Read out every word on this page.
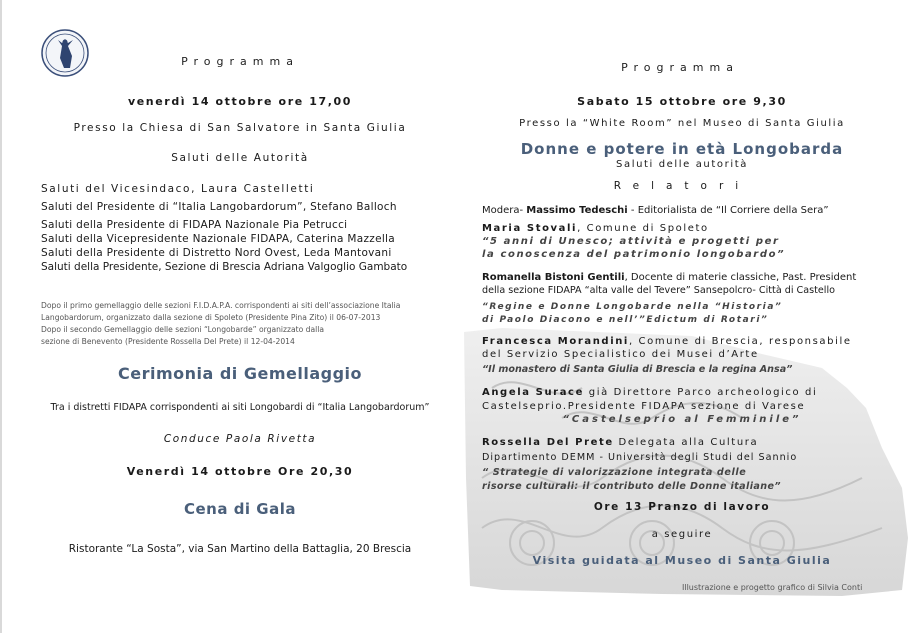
Programma
venerdì 14 ottobre ore 17,00
Presso la Chiesa di San Salvatore in Santa Giulia
Saluti delle Autorità
Saluti del Vicesindaco, Laura Castelletti
Saluti del Presidente di “Italia Langobardorum”, Stefano Balloch
Saluti della Presidente di FIDAPA Nazionale Pia Petrucci
Saluti della Vicepresidente Nazionale FIDAPA, Caterina Mazzella
Saluti della Presidente di Distretto Nord Ovest, Leda Mantovani
Saluti della Presidente, Sezione di Brescia Adriana Valgoglio Gambato
Dopo il primo gemellaggio delle sezioni F.I.D.A.P.A. corrispondenti ai siti dell’associazione Italia
Langobardorum, organizzato dalla sezione di Spoleto (Presidente Pina Zito) il 06-07-2013
Dopo il secondo Gemellaggio delle sezioni “Longobarde” organizzato dalla
sezione di Benevento (Presidente Rossella Del Prete) il 12-04-2014
Cerimonia di Gemellaggio
Tra i distretti FIDAPA corrispondenti ai siti Longobardi di “Italia Langobardorum”
Conduce Paola Rivetta
Venerdì 14 ottobre Ore 20,30
Cena di Gala
Ristorante “La Sosta”, via San Martino della Battaglia, 20 Brescia
Programma
Sabato 15 ottobre ore 9,30
Presso la “White Room” nel Museo di Santa Giulia
Donne e potere in età Longobarda
Saluti delle autorità
Relatori
Modera- Massimo Tedeschi - Editorialista de “Il Corriere della Sera”
Maria Stovali, Comune di Spoleto
“5 anni di Unesco; attività e progetti per
la conoscenza del patrimonio longobardo”
Romanella Bistoni Gentili, Docente di materie classiche, Past. President
della sezione FIDAPA “alta valle del Tevere” Sansepolcro- Città di Castello
“Regine e Donne Longobarde nella “Historia”
di Paolo Diacono e nell’”Edictum di Rotari”
Francesca Morandini, Comune di Brescia, responsabile
del Servizio Specialistico dei Musei d’Arte
“Il monastero di Santa Giulia di Brescia e la regina Ansa”
Angela Surace già Direttore Parco archeologico di
Castelseprio.Presidente FIDAPA sezione di Varese
“Castelseprio al Femminile”
Rossella Del Prete Delegata alla Cultura
Dipartimento DEMM - Università degli Studi del Sannio
“ Strategie di valorizzazione integrata delle
risorse culturali: il contributo delle Donne italiane”
Ore 13 Pranzo di lavoro
a seguire
Visita guidata al Museo di Santa Giulia
Illustrazione e progetto grafico di Silvia Conti
